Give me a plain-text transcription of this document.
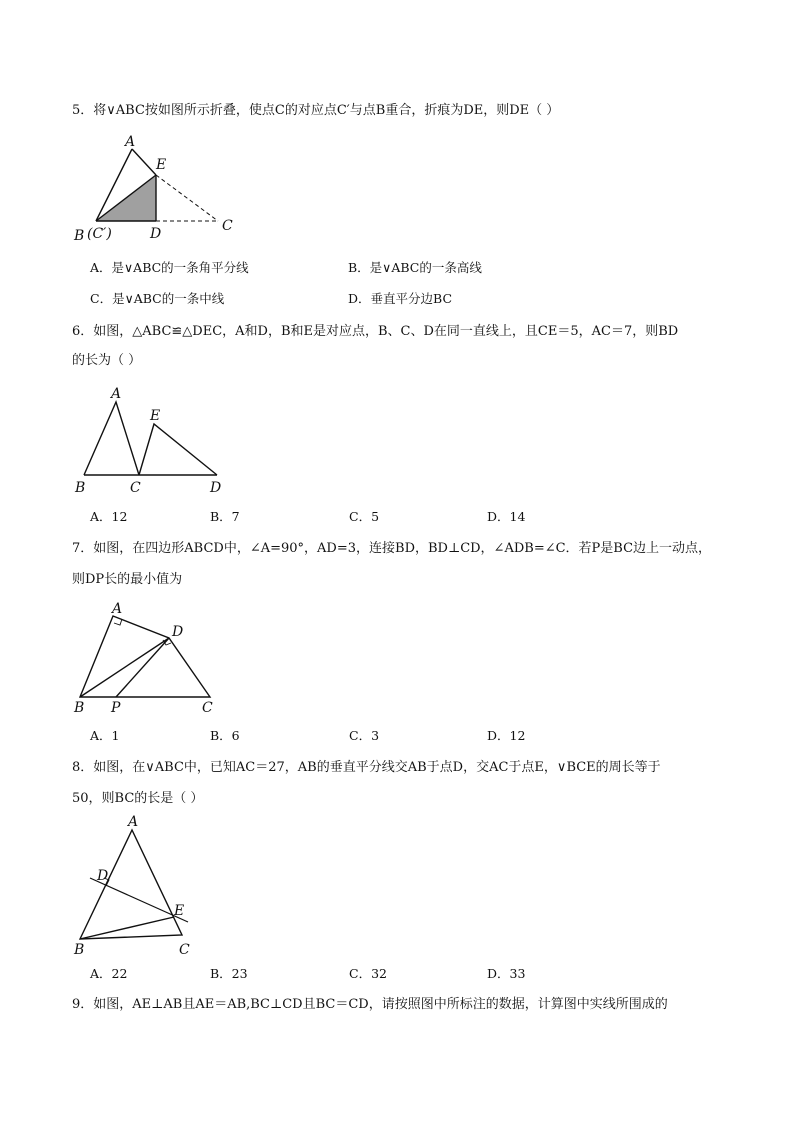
5．将∨ABC按如图所示折叠，使点C的对应点C′与点B重合，折痕为DE，则DE（ ）
A
E
B (C′)	D	C
A．是∨ABC的一条角平分线	B．是∨ABC的一条高线
C．是∨ABC的一条中线	D．垂直平分边BC
6．如图，△ABC≌△DEC，A和D，B和E是对应点，B、C、D在同一直线上，且CE＝5，AC＝7，则BD
的长为（ ）
A
E
B	C	D
A．12	B．7	C．5	D．14
7．如图，在四边形ABCD中，∠A=90°，AD=3，连接BD，BD⊥CD，∠ADB=∠C．若P是BC边上一动点，
则DP长的最小值为
A
D
B P	C
A．1	B．6	C．3	D．12
8．如图，在∨ABC中，已知AC＝27，AB的垂直平分线交AB于点D，交AC于点E，∨BCE的周长等于
50，则BC的长是（ ）
A
D
E
B	C
A．22	B．23	C．32	D．33
9．如图，AE⊥AB且AE＝AB,BC⊥CD且BC＝CD，请按照图中所标注的数据，计算图中实线所围成的
